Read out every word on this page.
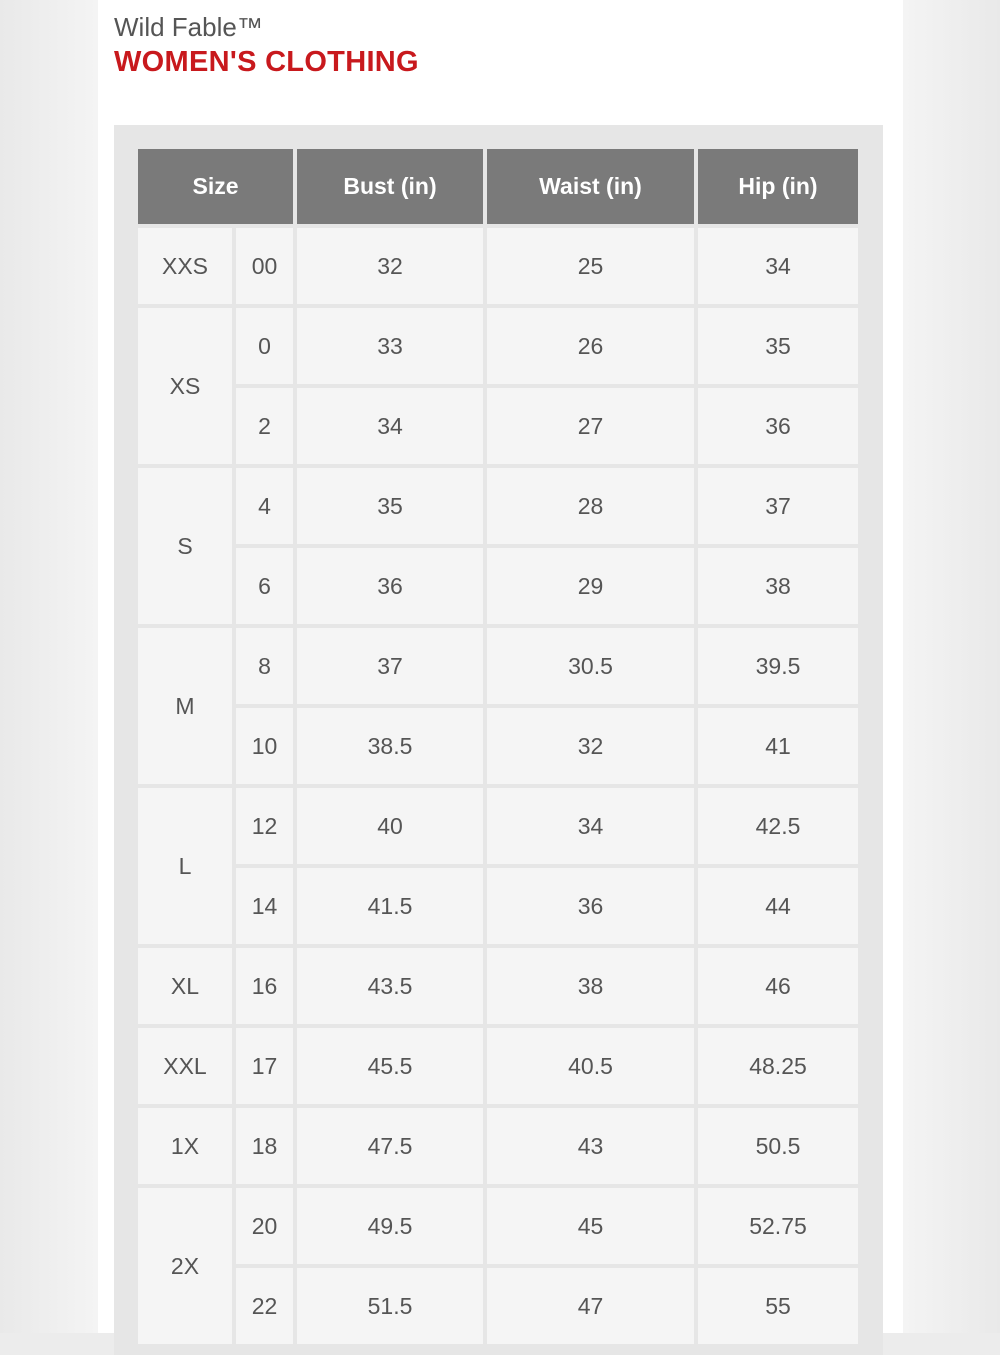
Wild Fable™
WOMEN'S CLOTHING
Size		Bust (in)	Waist (in)	Hip (in)
XXS	00	32	25	34
XS	0	33	26	35
	2	34	27	36
S	4	35	28	37
	6	36	29	38
M	8	37	30.5	39.5
	10	38.5	32	41
L	12	40	34	42.5
	14	41.5	36	44
XL	16	43.5	38	46
XXL	17	45.5	40.5	48.25
1X	18	47.5	43	50.5
2X	20	49.5	45	52.75
	22	51.5	47	55
